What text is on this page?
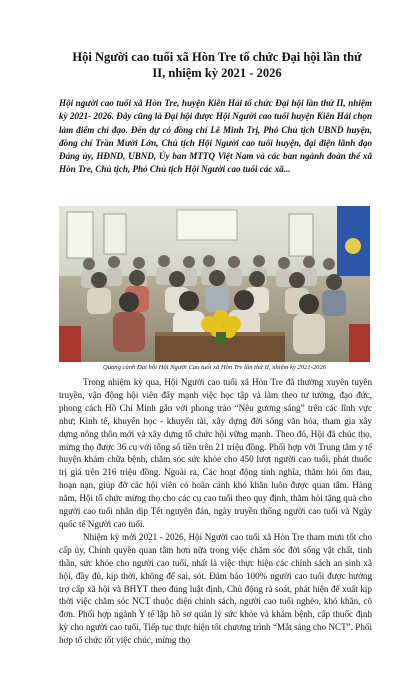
Hội Người cao tuổi xã Hòn Tre tổ chức Đại hội lần thứ II, nhiệm kỳ 2021 - 2026
Hội người cao tuổi xã Hòn Tre, huyện Kiên Hải tổ chức Đại hội lần thứ II, nhiệm kỳ 2021- 2026. Đây cũng là Đại hội được Hội Người cao tuổi huyện Kiên Hải chọn làm điểm chỉ đạo. Đến dự có đồng chí Lê Minh Trị, Phó Chủ tịch UBND huyện, đồng chí Trần Mười Lớn, Chủ tịch Hội Người cao tuổi huyện, đại diện lãnh đạo Đảng ủy, HĐND, UBND, Ủy ban MTTQ Việt Nam và các ban ngành đoàn thể xã Hòn Tre, Chủ tịch, Phó Chủ tịch Hội Người cao tuổi các xã...
Quang cảnh Đại hội Hội Người Cao tuổi xã Hòn Tre lần thứ II, nhiệm kỳ 2021-2026

Trong nhiệm kỳ qua, Hội Người cao tuổi xã Hòn Tre đã thường xuyên tuyên truyền, vận động hội viên đẩy mạnh việc học tập và làm theo tư tưởng, đạo đức, phong cách Hồ Chí Minh gắn với phong trào “Nêu gương sáng” trên các lĩnh vực như; Kinh tế, khuyến học - khuyến tài, xây dựng đời sống văn hóa, tham gia xây dựng nông thôn mới và xây dựng tổ chức hội vững mạnh. Theo đó, Hội đã chúc thọ, mừng thọ được 36 cụ với tổng số tiền trên 21 triệu đồng. Phối hợp với Trung tâm y tế huyện khám chữa bệnh, chăm sóc sức khỏe cho 450 lượt người cao tuổi, phát thuốc trị giá trên 216 triệu đồng. Ngoài ra, Các hoạt động tình nghĩa, thăm hỏi ốm đau, hoạn nạn, giúp đỡ các hội viên có hoàn cảnh khó khăn luôn được quan tâm. Hàng năm, Hội tổ chức mừng thọ cho các cụ cao tuổi theo quy định, thăm hỏi tặng quà cho người cao tuổi nhân dịp Tết nguyên đán, ngày truyền thống người cao tuổi và Ngày quốc tế Người cao tuổi.

Nhiệm kỳ mới 2021 - 2026, Hội Người cao tuổi xã Hòn Tre tham mưu tốt cho cấp ủy, Chính quyền quan tâm hơn nữa trong việc chăm sóc đời sống vật chất, tinh thần, sức khỏe cho người cao tuổi, nhất là việc thực hiện các chính sách an sinh xã hội, đầy đủ, kịp thời, không để sai, sót. Đảm bảo 100% người cao tuổi được hưởng trợ cấp xã hội và BHYT theo đúng luật định, Chủ động rà soát, phát hiện để xuất kịp thời việc chăm sóc NCT thuộc diện chính sách, người cao tuổi nghèo, khó khăn, cô đơn. Phối hợp ngành Y tế lập hồ sơ quản lý sức khỏe và khám bệnh, cấp thuốc định kỳ cho người cao tuổi, Tiếp tục thực hiện tốt chương trình “Mắt sáng cho NCT”. Phối hợp tổ chức tốt việc chúc, mừng thọ
